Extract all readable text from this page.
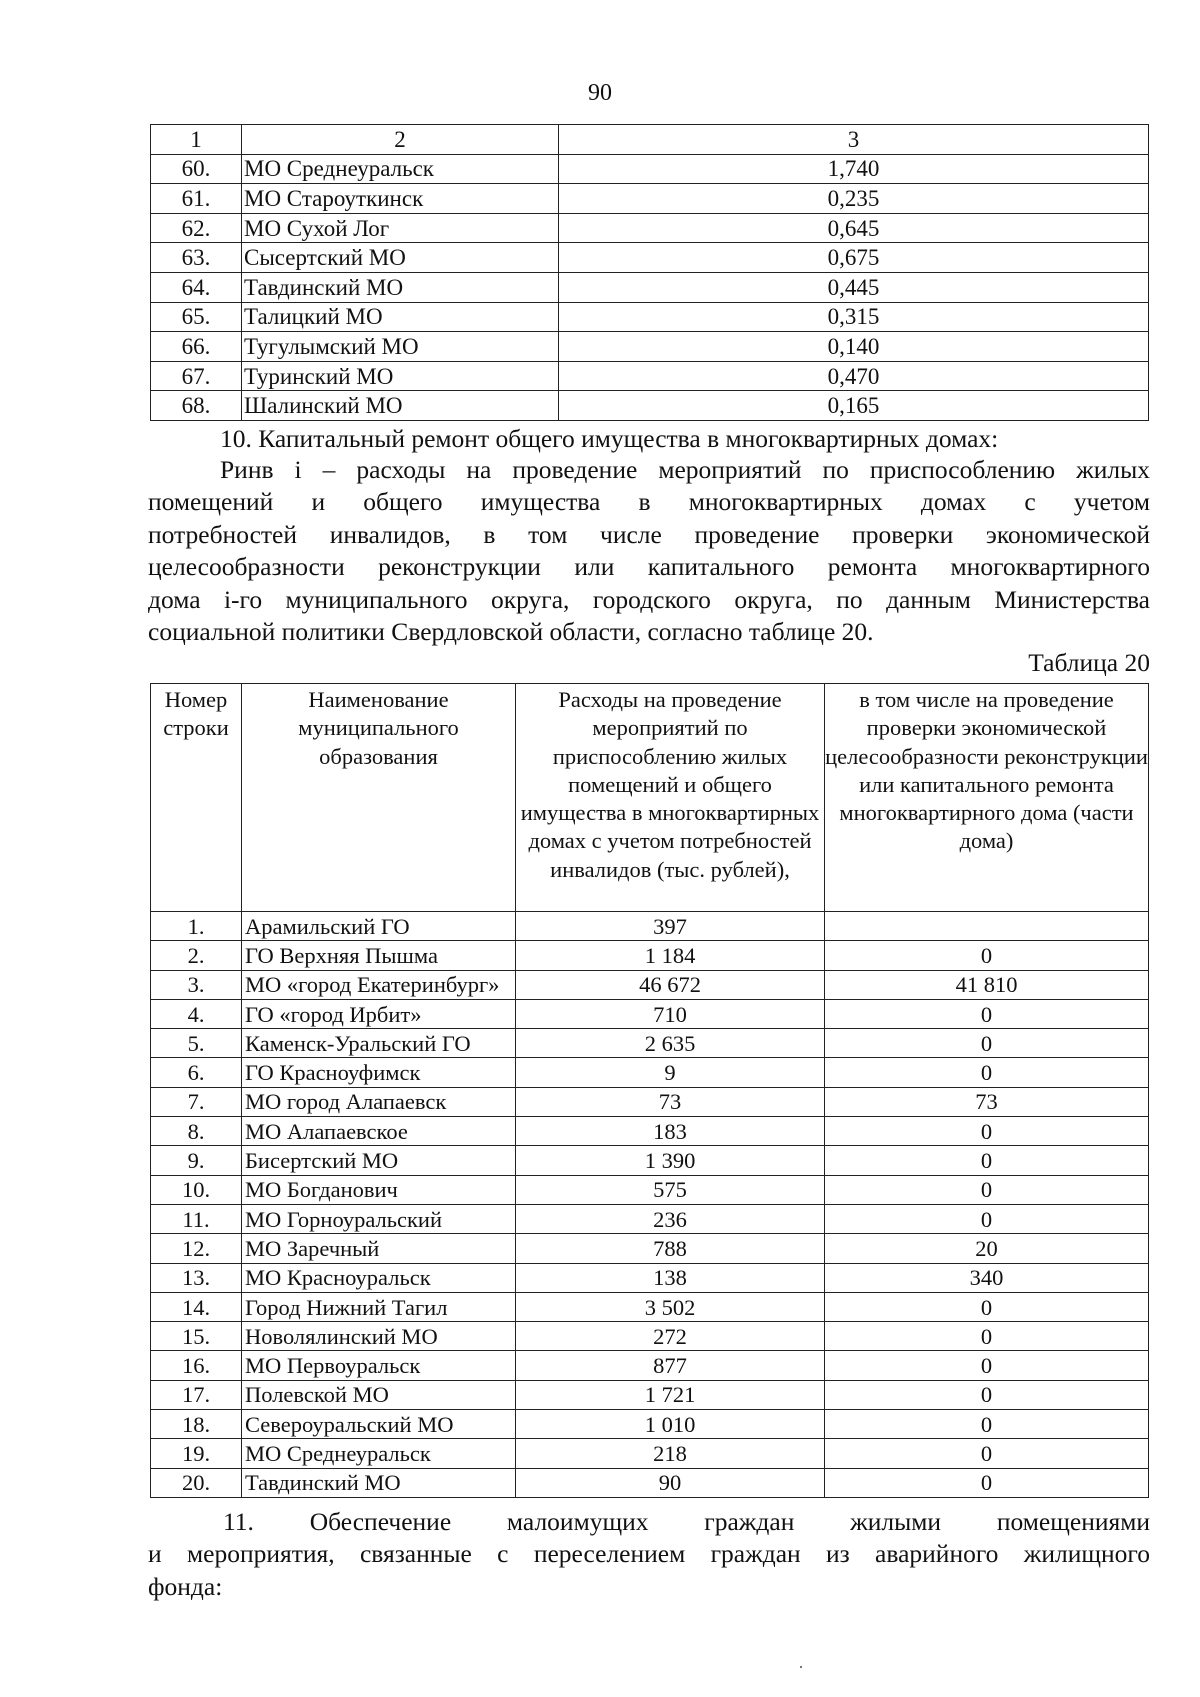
90
1	2	3
60.	МО Среднеуральск	1,740
61.	МО Староуткинск	0,235
62.	МО Сухой Лог	0,645
63.	Сысертский МО	0,675
64.	Тавдинский МО	0,445
65.	Талицкий МО	0,315
66.	Тугулымский МО	0,140
67.	Туринский МО	0,470
68.	Шалинский МО	0,165
10. Капитальный ремонт общего имущества в многоквартирных домах:
Ринв i – расходы на проведение мероприятий по приспособлению жилых
помещений и общего имущества в многоквартирных домах с учетом
потребностей инвалидов, в том числе проведение проверки экономической
целесообразности реконструкции или капитального ремонта многоквартирного
дома i-го муниципального округа, городского округа, по данным Министерства
социальной политики Свердловской области, согласно таблице 20.
Таблица 20
Номер строки	Наименование муниципального образования	Расходы на проведение мероприятий по приспособлению жилых помещений и общего имущества в многоквартирных домах с учетом потребностей инвалидов (тыс. рублей),	в том числе на проведение проверки экономической целесообразности реконструкции или капитального ремонта многоквартирного дома (части дома)
1.	Арамильский ГО	397	
2.	ГО Верхняя Пышма	1 184	0
3.	МО «город Екатеринбург»	46 672	41 810
4.	ГО «город Ирбит»	710	0
5.	Каменск-Уральский ГО	2 635	0
6.	ГО Красноуфимск	9	0
7.	МО город Алапаевск	73	73
8.	МО Алапаевское	183	0
9.	Бисертский МО	1 390	0
10.	МО Богданович	575	0
11.	МО Горноуральский	236	0
12.	МО Заречный	788	20
13.	МО Красноуральск	138	340
14.	Город Нижний Тагил	3 502	0
15.	Новолялинский МО	272	0
16.	МО Первоуральск	877	0
17.	Полевской МО	1 721	0
18.	Североуральский МО	1 010	0
19.	МО Среднеуральск	218	0
20.	Тавдинский МО	90	0
11. Обеспечение малоимущих граждан жилыми помещениями
и мероприятия, связанные с переселением граждан из аварийного жилищного
фонда:
